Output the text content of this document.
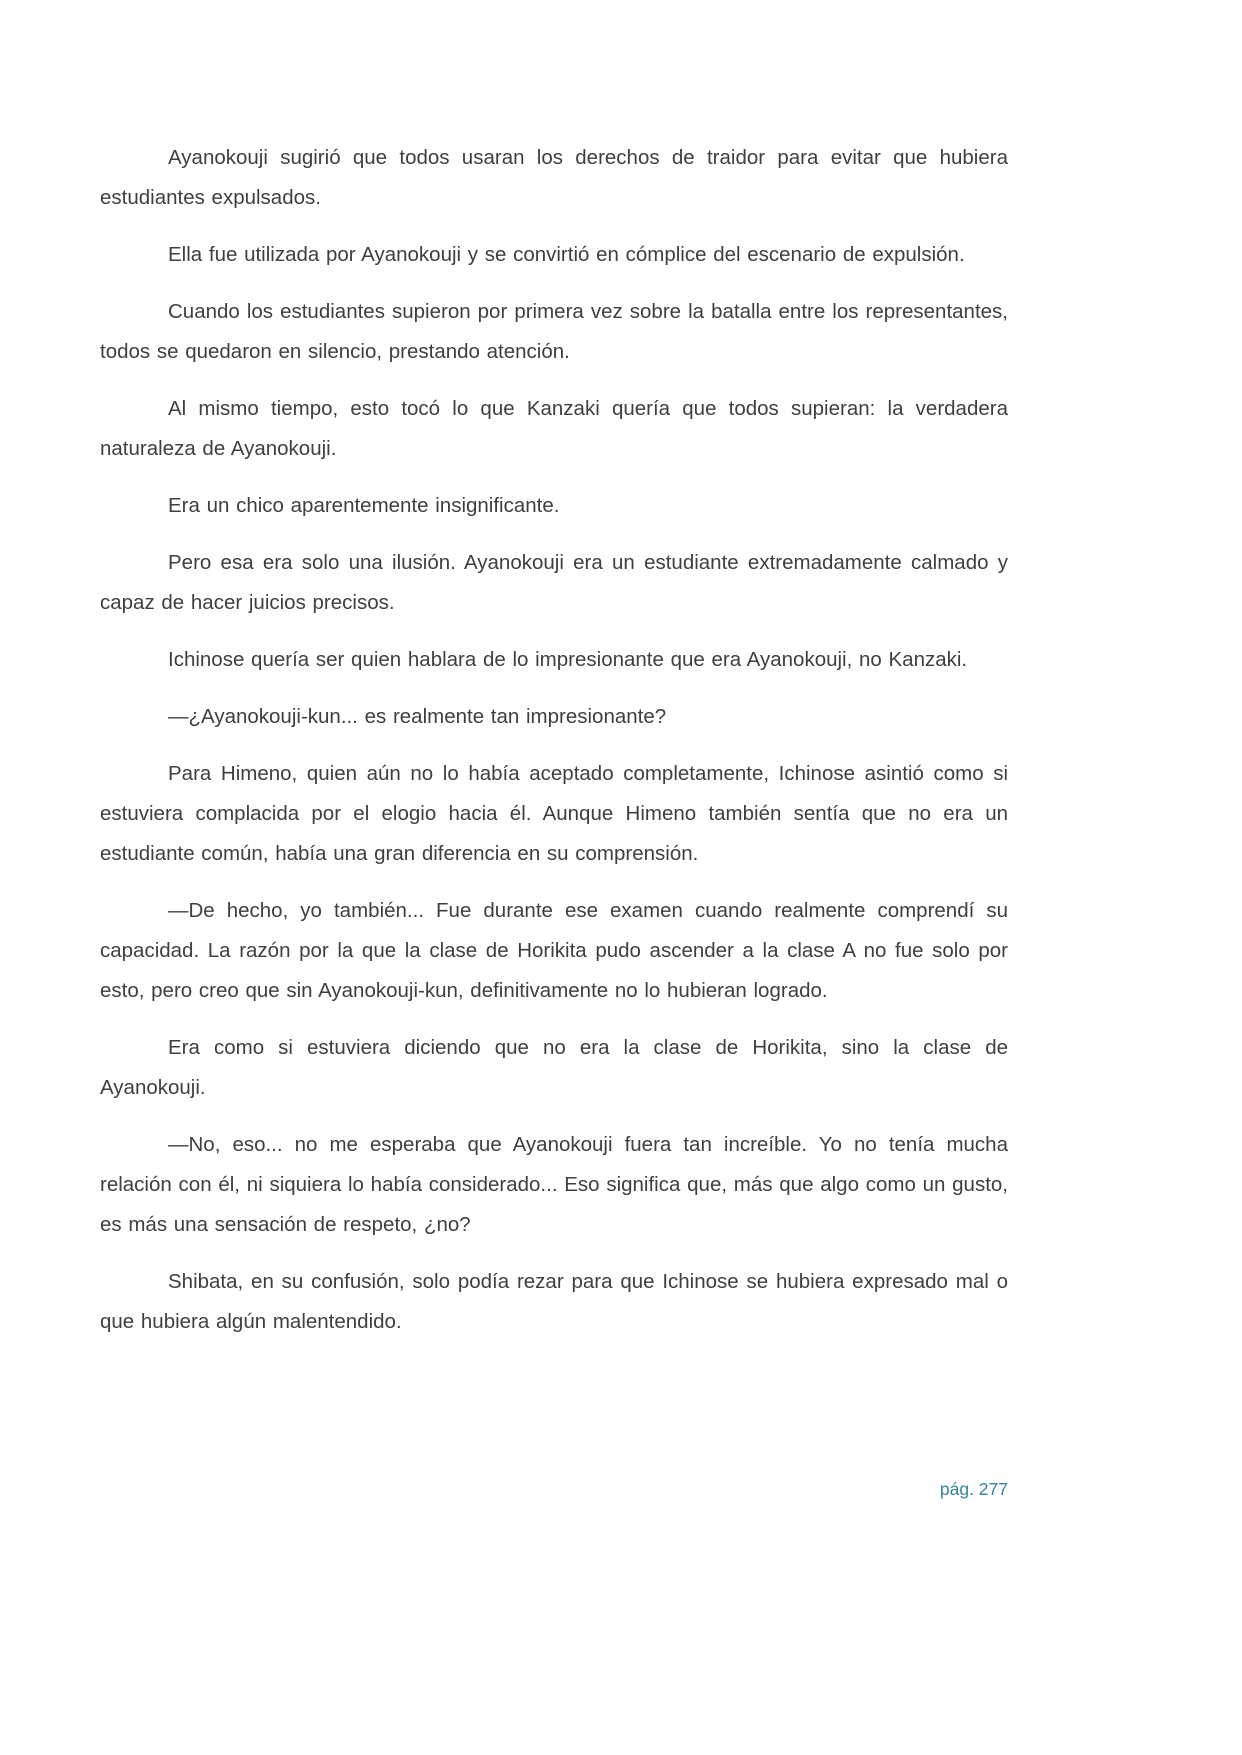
Ayanokouji sugirió que todos usaran los derechos de traidor para evitar que hubiera estudiantes expulsados.

Ella fue utilizada por Ayanokouji y se convirtió en cómplice del escenario de expulsión.

Cuando los estudiantes supieron por primera vez sobre la batalla entre los representantes, todos se quedaron en silencio, prestando atención.

Al mismo tiempo, esto tocó lo que Kanzaki quería que todos supieran: la verdadera naturaleza de Ayanokouji.

Era un chico aparentemente insignificante.

Pero esa era solo una ilusión. Ayanokouji era un estudiante extremadamente calmado y capaz de hacer juicios precisos.

Ichinose quería ser quien hablara de lo impresionante que era Ayanokouji, no Kanzaki.

—¿Ayanokouji-kun... es realmente tan impresionante?

Para Himeno, quien aún no lo había aceptado completamente, Ichinose asintió como si estuviera complacida por el elogio hacia él. Aunque Himeno también sentía que no era un estudiante común, había una gran diferencia en su comprensión.

—De hecho, yo también... Fue durante ese examen cuando realmente comprendí su capacidad. La razón por la que la clase de Horikita pudo ascender a la clase A no fue solo por esto, pero creo que sin Ayanokouji-kun, definitivamente no lo hubieran logrado.

Era como si estuviera diciendo que no era la clase de Horikita, sino la clase de Ayanokouji.

—No, eso... no me esperaba que Ayanokouji fuera tan increíble. Yo no tenía mucha relación con él, ni siquiera lo había considerado... Eso significa que, más que algo como un gusto, es más una sensación de respeto, ¿no?

Shibata, en su confusión, solo podía rezar para que Ichinose se hubiera expresado mal o que hubiera algún malentendido.

pág. 277
